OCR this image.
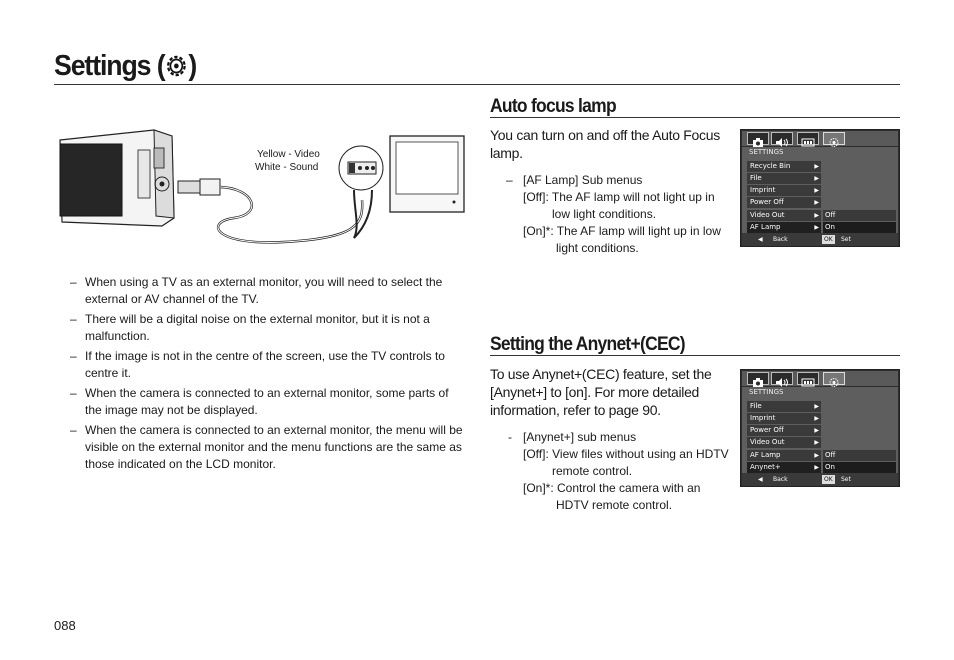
Settings ( )
Yellow - Video
White - Sound
– When using a TV as an external monitor, you will need to select the external or AV channel of the TV.
– There will be a digital noise on the external monitor, but it is not a malfunction.
– If the image is not in the centre of the screen, use the TV controls to centre it.
– When the camera is connected to an external monitor, some parts of the image may not be displayed.
– When the camera is connected to an external monitor, the menu will be visible on the external monitor and the menu functions are the same as those indicated on the LCD monitor.
Auto focus lamp
You can turn on and off the Auto Focus lamp.
– [AF Lamp] Sub menus
[Off]: The AF lamp will not light up in
low light conditions.
[On]*: The AF lamp will light up in low
light conditions.
SETTINGS
Recycle Bin	▶
File	▶
Imprint	▶
Power Off	▶
Video Out	▶
AF Lamp	▶
Off
On
◀ Back	OK	Set
Setting the Anynet+(CEC)
To use Anynet+(CEC) feature, set the [Anynet+] to [on]. For more detailed information, refer to page 90.
- [Anynet+] sub menus
[Off]: View files without using an HDTV
remote control.
[On]*: Control the camera with an
HDTV remote control.
SETTINGS
File	▶
Imprint	▶
Power Off	▶
Video Out	▶
AF Lamp	▶
Anynet+	▶
Off
On
◀ Back	OK	Set
088
